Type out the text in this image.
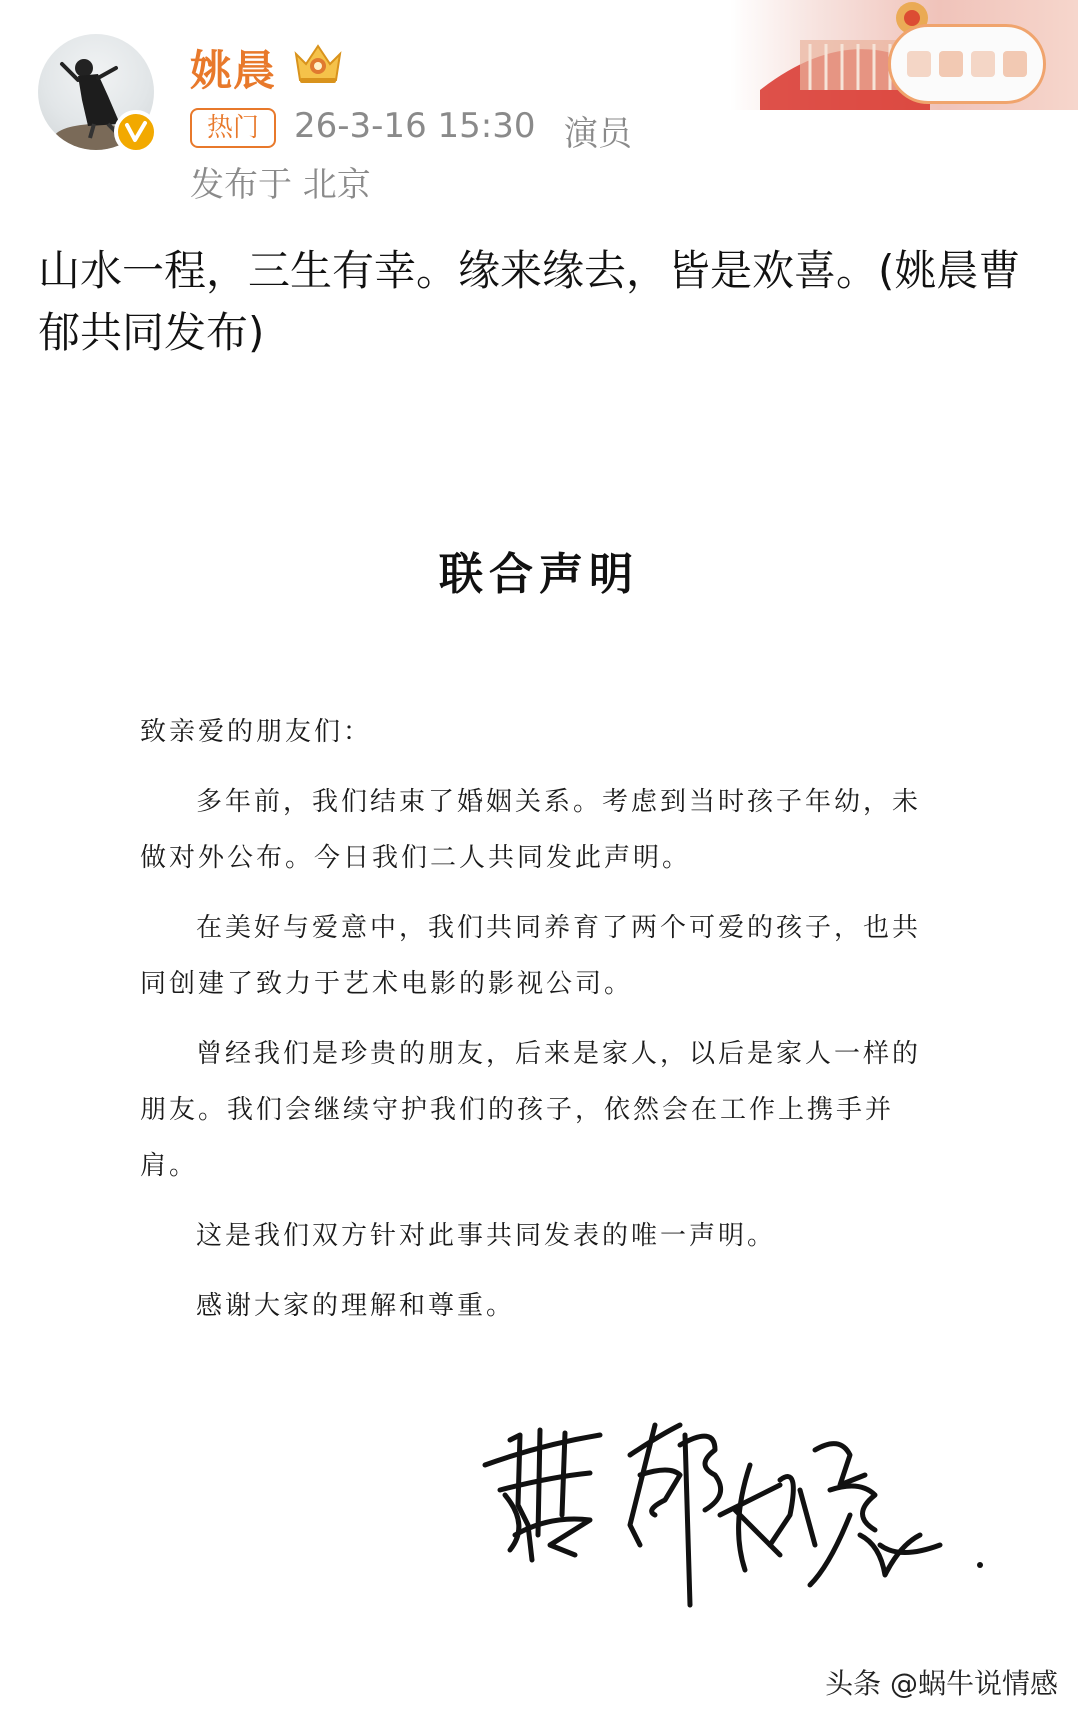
姚晨
热门	26-3-16 15:30 演员
发布于 北京
山水一程，三生有幸。缘来缘去，皆是欢喜。(姚晨曹郁共同发布)
联合声明

致亲爱的朋友们：

多年前，我们结束了婚姻关系。考虑到当时孩子年幼，未做对外公布。今日我们二人共同发此声明。

在美好与爱意中，我们共同养育了两个可爱的孩子，也共同创建了致力于艺术电影的影视公司。

曾经我们是珍贵的朋友，后来是家人，以后是家人一样的朋友。我们会继续守护我们的孩子，依然会在工作上携手并肩。

这是我们双方针对此事共同发表的唯一声明。

感谢大家的理解和尊重。

头条 @蜗牛说情感
